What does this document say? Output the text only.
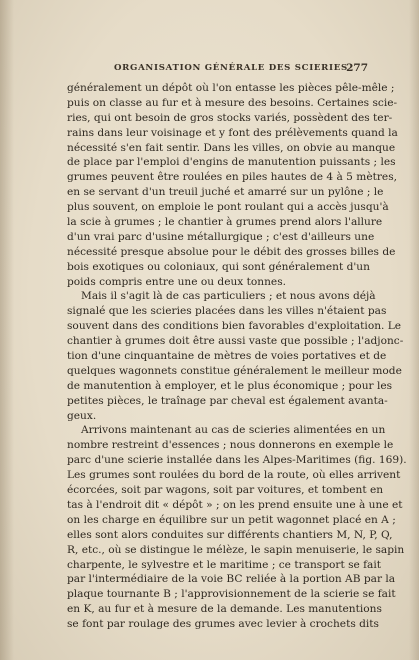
ORGANISATION GÉNÉRALE DES SCIERIES
277
généralement un dépôt où l'on entasse les pièces pêle-mêle ;
puis on classe au fur et à mesure des besoins. Certaines scie-
ries, qui ont besoin de gros stocks variés, possèdent des ter-
rains dans leur voisinage et y font des prélèvements quand la
nécessité s'en fait sentir. Dans les villes, on obvie au manque
de place par l'emploi d'engins de manutention puissants ; les
grumes peuvent être roulées en piles hautes de 4 à 5 mètres,
en se servant d'un treuil juché et amarré sur un pylône ; le
plus souvent, on emploie le pont roulant qui a accès jusqu'à
la scie à grumes ; le chantier à grumes prend alors l'allure
d'un vrai parc d'usine métallurgique ; c'est d'ailleurs une
nécessité presque absolue pour le débit des grosses billes de
bois exotiques ou coloniaux, qui sont généralement d'un
poids compris entre une ou deux tonnes.
Mais il s'agit là de cas particuliers ; et nous avons déjà
signalé que les scieries placées dans les villes n'étaient pas
souvent dans des conditions bien favorables d'exploitation. Le
chantier à grumes doit être aussi vaste que possible ; l'adjonc-
tion d'une cinquantaine de mètres de voies portatives et de
quelques wagonnets constitue généralement le meilleur mode
de manutention à employer, et le plus économique ; pour les
petites pièces, le traînage par cheval est également avanta-
geux.
Arrivons maintenant au cas de scieries alimentées en un
nombre restreint d'essences ; nous donnerons en exemple le
parc d'une scierie installée dans les Alpes-Maritimes (fig. 169).
Les grumes sont roulées du bord de la route, où elles arrivent
écorcées, soit par wagons, soit par voitures, et tombent en
tas à l'endroit dit « dépôt » ; on les prend ensuite une à une et
on les charge en équilibre sur un petit wagonnet placé en A ;
elles sont alors conduites sur différents chantiers M, N, P, Q,
R, etc., où se distingue le mélèze, le sapin menuiserie, le sapin
charpente, le sylvestre et le maritime ; ce transport se fait
par l'intermédiaire de la voie BC reliée à la portion AB par la
plaque tournante B ; l'approvisionnement de la scierie se fait
en K, au fur et à mesure de la demande. Les manutentions
se font par roulage des grumes avec levier à crochets dits
